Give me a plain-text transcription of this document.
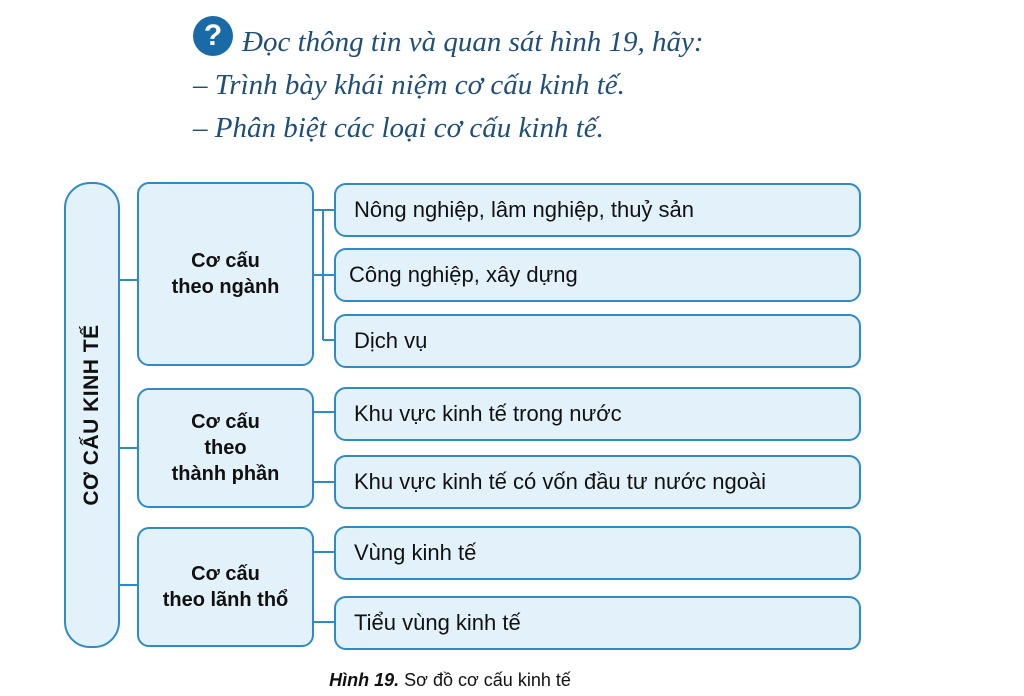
? Đọc thông tin và quan sát hình 19, hãy:
– Trình bày khái niệm cơ cấu kinh tế.
– Phân biệt các loại cơ cấu kinh tế.
CƠ CẤU KINH TẾ
Cơ cấu
theo ngành
Cơ cấu
theo
thành phần
Cơ cấu
theo lãnh thổ
Nông nghiệp, lâm nghiệp, thuỷ sản
Công nghiệp, xây dựng
Dịch vụ
Khu vực kinh tế trong nước
Khu vực kinh tế có vốn đầu tư nước ngoài
Vùng kinh tế
Tiểu vùng kinh tế
Hình 19. Sơ đồ cơ cấu kinh tế
